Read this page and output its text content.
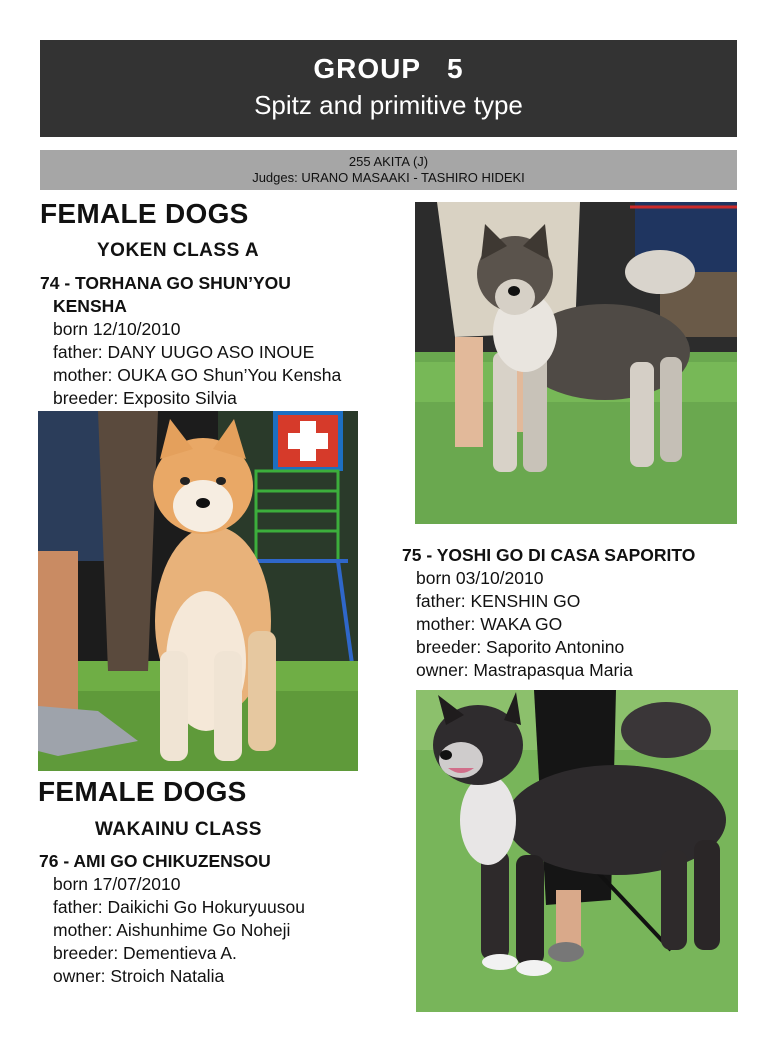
GROUP 5
Spitz and primitive type
255 AKITA (J)
Judges: URANO MASAAKI - TASHIRO HIDEKI
FEMALE DOGS
YOKEN CLASS A
74 - TORHANA GO SHUN’YOU
KENSHA
born 12/10/2010
father: DANY UUGO ASO INOUE
mother: OUKA GO Shun’You Kensha
breeder: Exposito Silvia
75 - YOSHI GO DI CASA SAPORITO
born 03/10/2010
father: KENSHIN GO
mother: WAKA GO
breeder: Saporito Antonino
owner: Mastrapasqua Maria
FEMALE DOGS
WAKAINU CLASS
76 - AMI GO CHIKUZENSOU
born 17/07/2010
father: Daikichi Go Hokuryuusou
mother: Aishunhime Go Noheji
breeder: Dementieva A.
owner: Stroich Natalia
